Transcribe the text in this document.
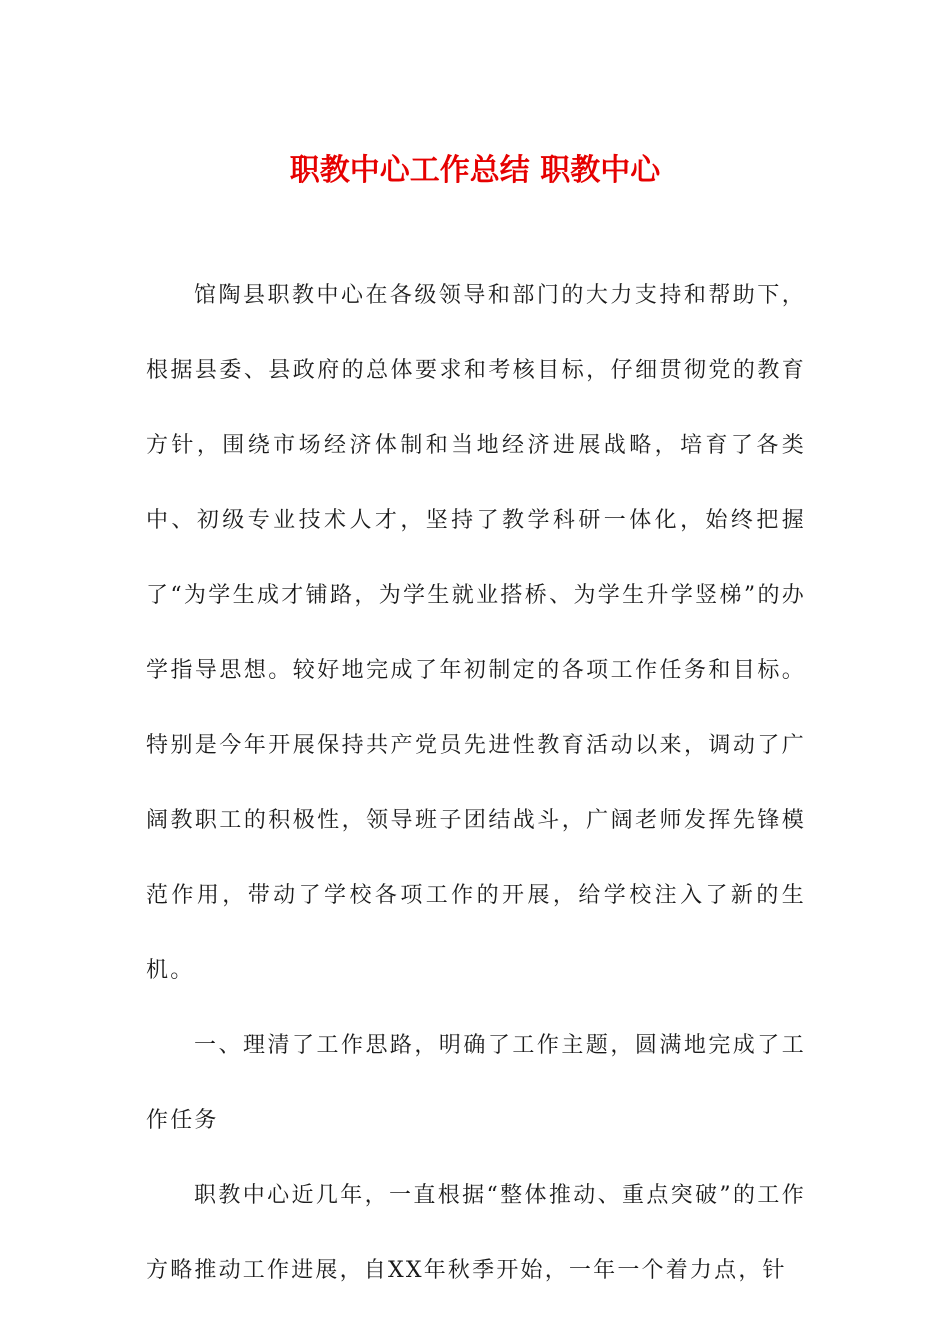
职教中心工作总结 职教中心

馆陶县职教中心在各级领导和部门的大力支持和帮助下，根据县委、县政府的总体要求和考核目标，仔细贯彻党的教育方针，围绕市场经济体制和当地经济进展战略，培育了各类中、初级专业技术人才，坚持了教学科研一体化，始终把握了“为学生成才铺路，为学生就业搭桥、为学生升学竖梯”的办学指导思想。较好地完成了年初制定的各项工作任务和目标。特别是今年开展保持共产党员先进性教育活动以来，调动了广阔教职工的积极性，领导班子团结战斗，广阔老师发挥先锋模范作用，带动了学校各项工作的开展，给学校注入了新的生机。

一、理清了工作思路，明确了工作主题，圆满地完成了工作任务

职教中心近几年，一直根据“整体推动、重点突破”的工作方略推动工作进展，自XX年秋季开始，一年一个着力点，针
